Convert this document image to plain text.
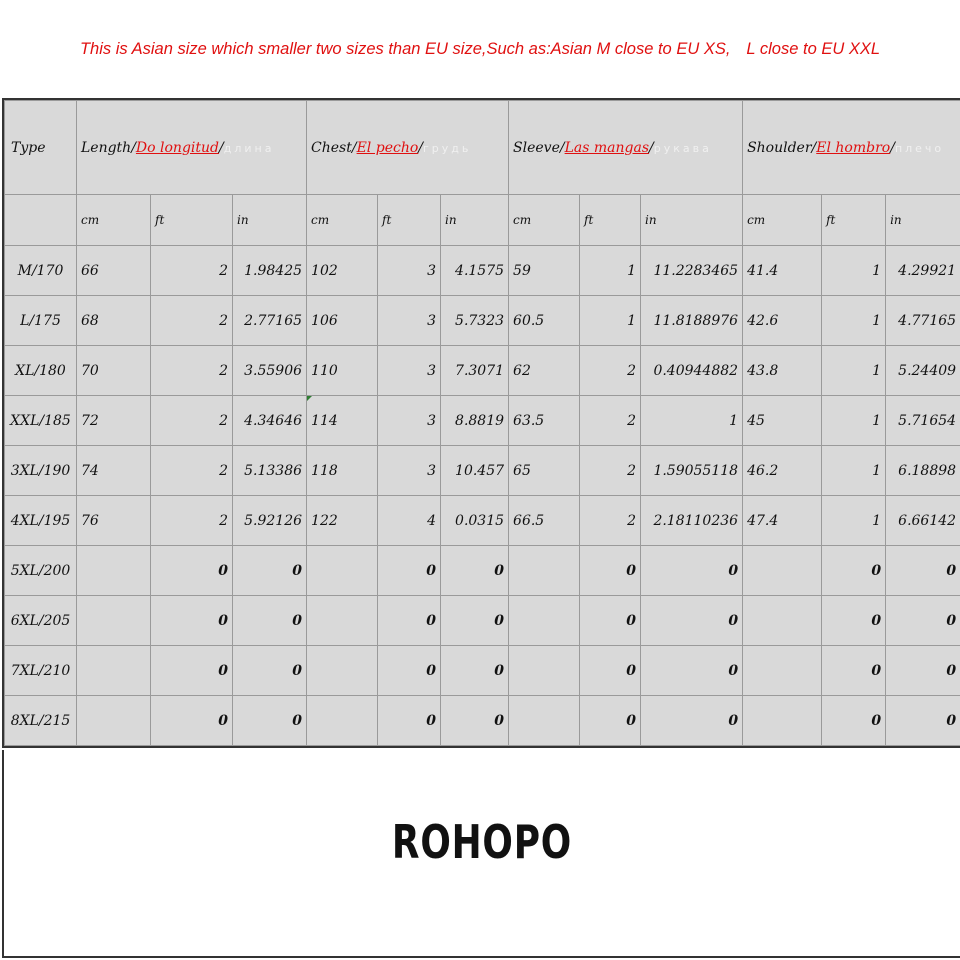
This is Asian size which smaller two sizes than EU size,Such as:Asian M close to EU XS, L close to EU XXL
Type	Length/Do longitud/длина			Chest/El pecho/грудь			Sleeve/Las mangas/рукава			Shoulder/El hombro/плечо		
	cm	ft	in	cm	ft	in	cm	ft	in	cm	ft	in
M/170	66	2	1.98425	102	3	4.1575	59	1	11.2283465	41.4	1	4.29921
L/175	68	2	2.77165	106	3	5.7323	60.5	1	11.8188976	42.6	1	4.77165
XL/180	70	2	3.55906	110	3	7.3071	62	2	0.40944882	43.8	1	5.24409
XXL/185	72	2	4.34646	114	3	8.8819	63.5	2	1	45	1	5.71654
3XL/190	74	2	5.13386	118	3	10.457	65	2	1.59055118	46.2	1	6.18898
4XL/195	76	2	5.92126	122	4	0.0315	66.5	2	2.18110236	47.4	1	6.66142
5XL/200		0	0		0	0		0	0		0	0
6XL/205		0	0		0	0		0	0		0	0
7XL/210		0	0		0	0		0	0		0	0
8XL/215		0	0		0	0		0	0		0	0
ROHOPO
